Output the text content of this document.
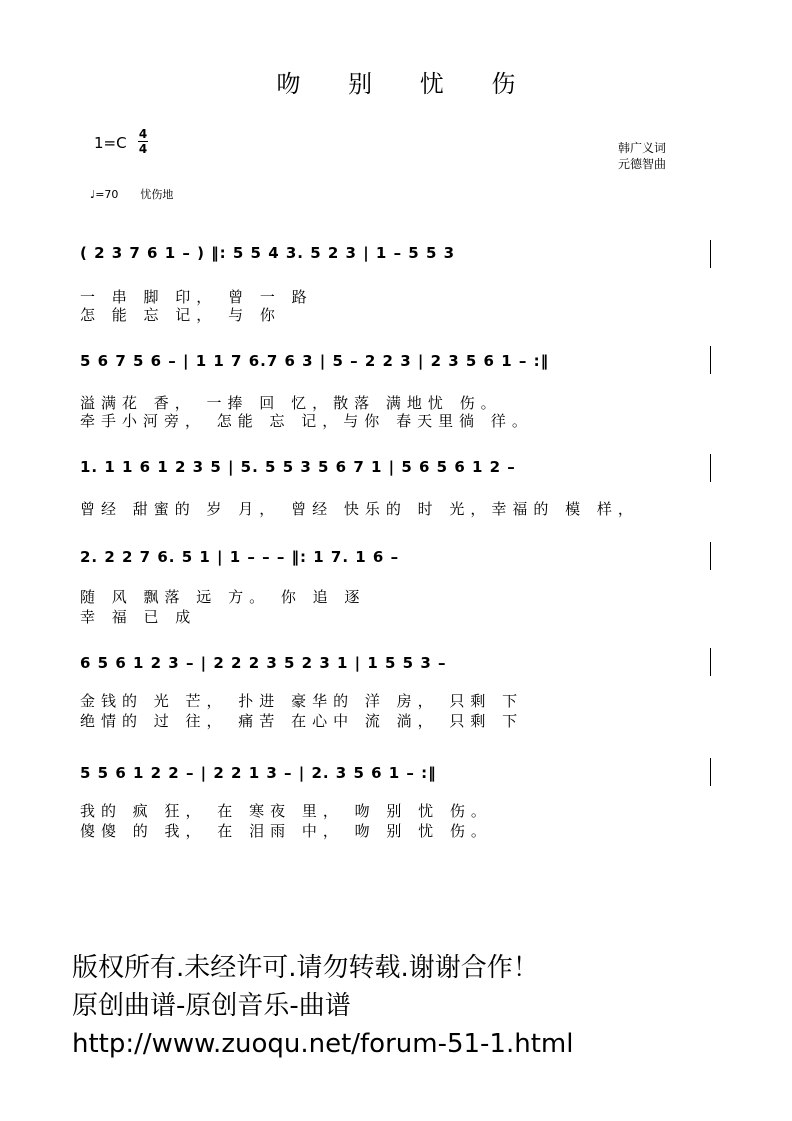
吻 别 忧 伤
1=C 4
4	韩广义词
元德智曲
♩=70 忧伤地
( 2 3 7 6 1 – ) ‖: 5 5 4 3. 5 2 3 | 1 – 5 5 3
一 串 脚 印， 曾 一 路
怎 能 忘 记， 与 你
5 6 7 5 6 – | 1 1 7 6.7 6 3 | 5 – 2 2 3 | 2 3 5 6 1 – :‖
溢满花 香， 一捧 回 忆，散落 满地忧 伤。
牵手小河旁， 怎能 忘 记，与你 春天里徜 徉。
1. 1 1 6 1 2 3 5 | 5. 5 5 3 5 6 7 1 | 5 6 5 6 1 2 –
曾经 甜蜜的 岁 月， 曾经 快乐的 时 光，幸福的 模 样，
2. 2 2 7 6. 5 1 | 1 – – – ‖: 1 7. 1 6 –
随 风 飘落 远 方。 你 追 逐
幸 福 已 成
6 5 6 1 2 3 – | 2 2 2 3 5 2 3 1 | 1 5 5 3 –
金钱的 光 芒， 扑进 豪华的 洋 房， 只剩 下
绝情的 过 往， 痛苦 在心中 流 淌， 只剩 下
5 5 6 1 2 2 – | 2 2 1 3 – | 2. 3 5 6 1 – :‖
我的 疯 狂， 在 寒夜 里， 吻 别 忧 伤。
傻傻 的 我， 在 泪雨 中， 吻 别 忧 伤。
版权所有.未经许可.请勿转载.谢谢合作！
原创曲谱-原创音乐-曲谱
http://www.zuoqu.net/forum-51-1.html
